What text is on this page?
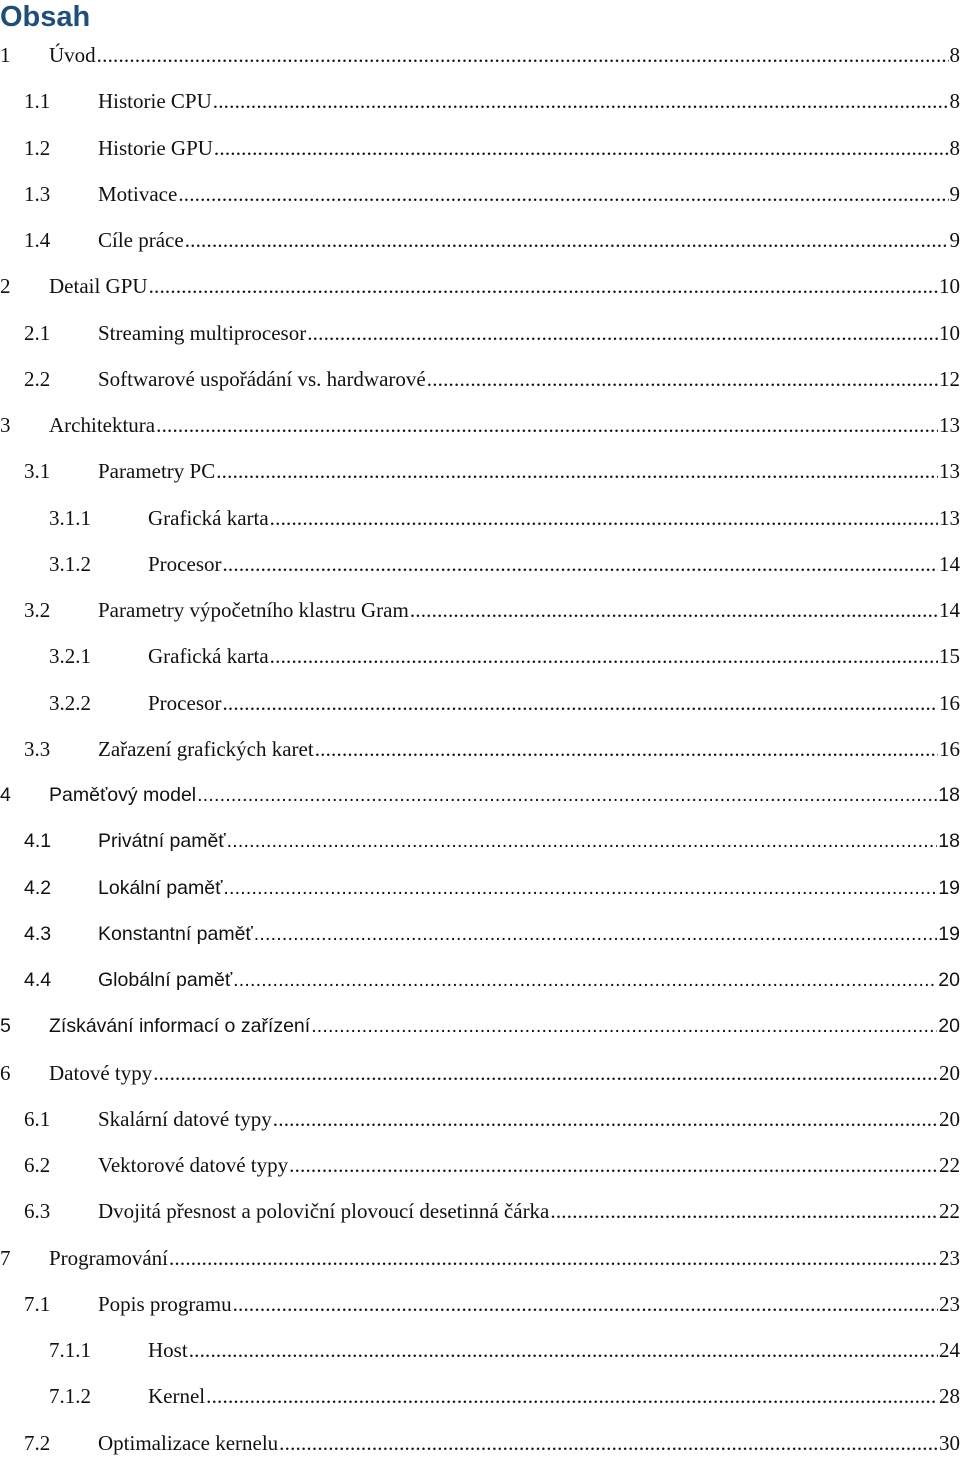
Obsah
1	Úvod .....	8
1.1	Historie CPU .....	8
1.2	Historie GPU .....	8
1.3	Motivace .....	9
1.4	Cíle práce .....	9
2	Detail GPU .....	10
2.1	Streaming multiprocesor .....	10
2.2	Softwarové uspořádání vs. hardwarové .....	12
3	Architektura .....	13
3.1	Parametry PC .....	13
3.1.1	Grafická karta .....	13
3.1.2	Procesor .....	14
3.2	Parametry výpočetního klastru Gram .....	14
3.2.1	Grafická karta .....	15
3.2.2	Procesor .....	16
3.3	Zařazení grafických karet .....	16
4	Paměťový model .....	18
4.1	Privátní paměť .....	18
4.2	Lokální paměť .....	19
4.3	Konstantní paměť .....	19
4.4	Globální paměť .....	20
5	Získávání informací o zařízení .....	20
6	Datové typy .....	20
6.1	Skalární datové typy .....	20
6.2	Vektorové datové typy .....	22
6.3	Dvojitá přesnost a poloviční plovoucí desetinná čárka .....	22
7	Programování .....	23
7.1	Popis programu .....	23
7.1.1	Host .....	24
7.1.2	Kernel .....	28
7.2	Optimalizace kernelu .....	30
